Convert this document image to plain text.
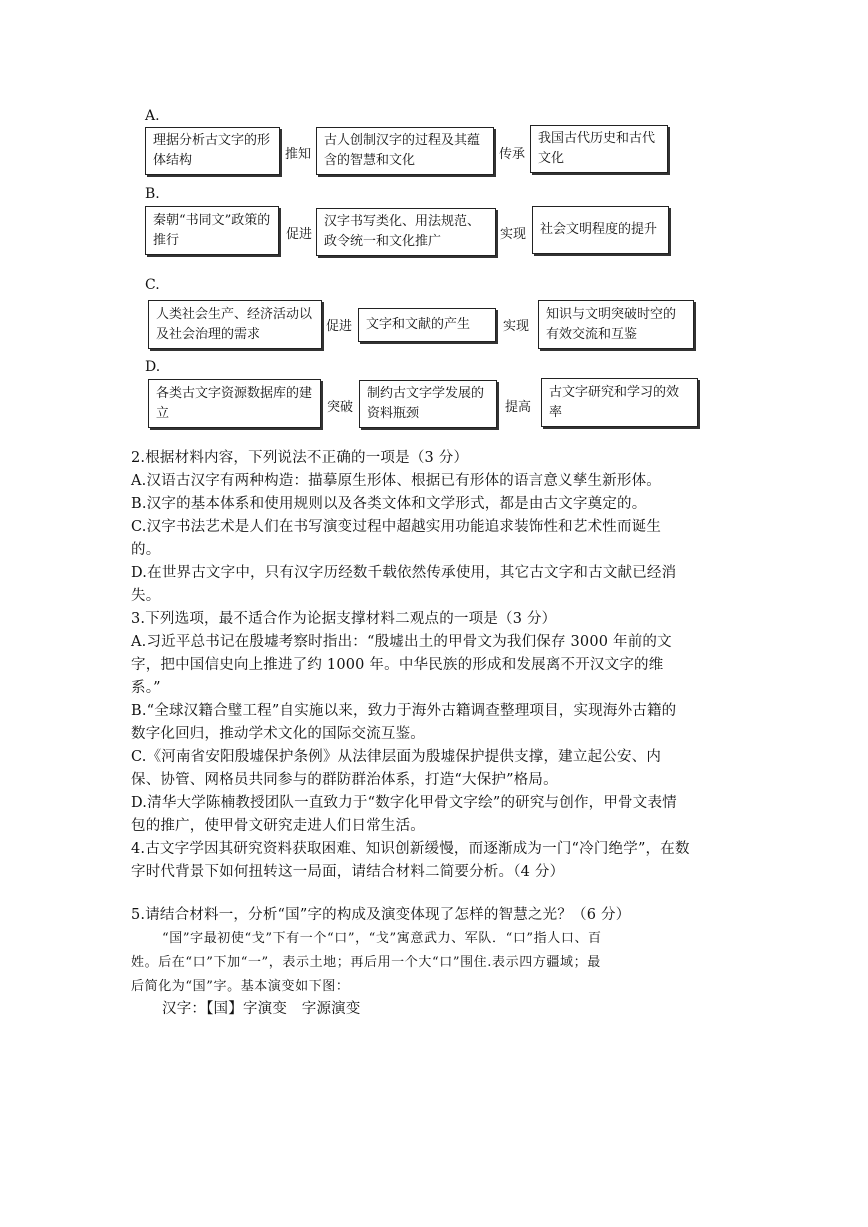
A.
理据分析古文字的形体结构	推知
古人创制汉字的过程及其蕴含的智慧和文化	传承
我国古代历史和古代文化
B.
秦朝“书同文”政策的推行	促进
汉字书写类化、用法规范、政令统一和文化推广	实现	社会文明程度的提升
C.
人类社会生产、经济活动以及社会治理的需求	促进	文字和文献的产生	实现
知识与文明突破时空的有效交流和互鉴
D.
各类古文字资源数据库的建立	突破
制约古文字学发展的资料瓶颈	提高
古文字研究和学习的效率
2.根据材料内容，下列说法不正确的一项是（3 分）
A.汉语古汉字有两种构造：描摹原生形体、根据已有形体的语言意义孳生新形体。
B.汉字的基本体系和使用规则以及各类文体和文学形式，都是由古文字奠定的。
C.汉字书法艺术是人们在书写演变过程中超越实用功能追求装饰性和艺术性而诞生
的。
D.在世界古文字中，只有汉字历经数千载依然传承使用，其它古文字和古文献已经消
失。
3.下列选项，最不适合作为论据支撑材料二观点的一项是（3 分）
A.习近平总书记在殷墟考察时指出：“殷墟出土的甲骨文为我们保存 3000 年前的文
字，把中国信史向上推进了约 1000 年。中华民族的形成和发展离不开汉文字的维
系。”
B.“全球汉籍合璧工程”自实施以来，致力于海外古籍调查整理项目，实现海外古籍的
数字化回归，推动学术文化的国际交流互鉴。
C.《河南省安阳殷墟保护条例》从法律层面为殷墟保护提供支撑，建立起公安、内
保、协管、网格员共同参与的群防群治体系，打造“大保护”格局。
D.清华大学陈楠教授团队一直致力于“数字化甲骨文字绘”的研究与创作，甲骨文表情
包的推广，使甲骨文研究走进人们日常生活。
4.古文字学因其研究资料获取困难、知识创新缓慢，而逐渐成为一门“冷门绝学”，在数
字时代背景下如何扭转这一局面，请结合材料二简要分析。（4 分）
5.请结合材料一，分析“国”字的构成及演变体现了怎样的智慧之光？（6 分）
“国”字最初使“戈”下有一个“口”，“戈”寓意武力、军队．“口”指人口、百
姓。后在“口”下加“一”，表示土地；再后用一个大“口”围住.表示四方疆域；最
后简化为“国”字。基本演变如下图：
汉字：【国】字演变　字源演变
